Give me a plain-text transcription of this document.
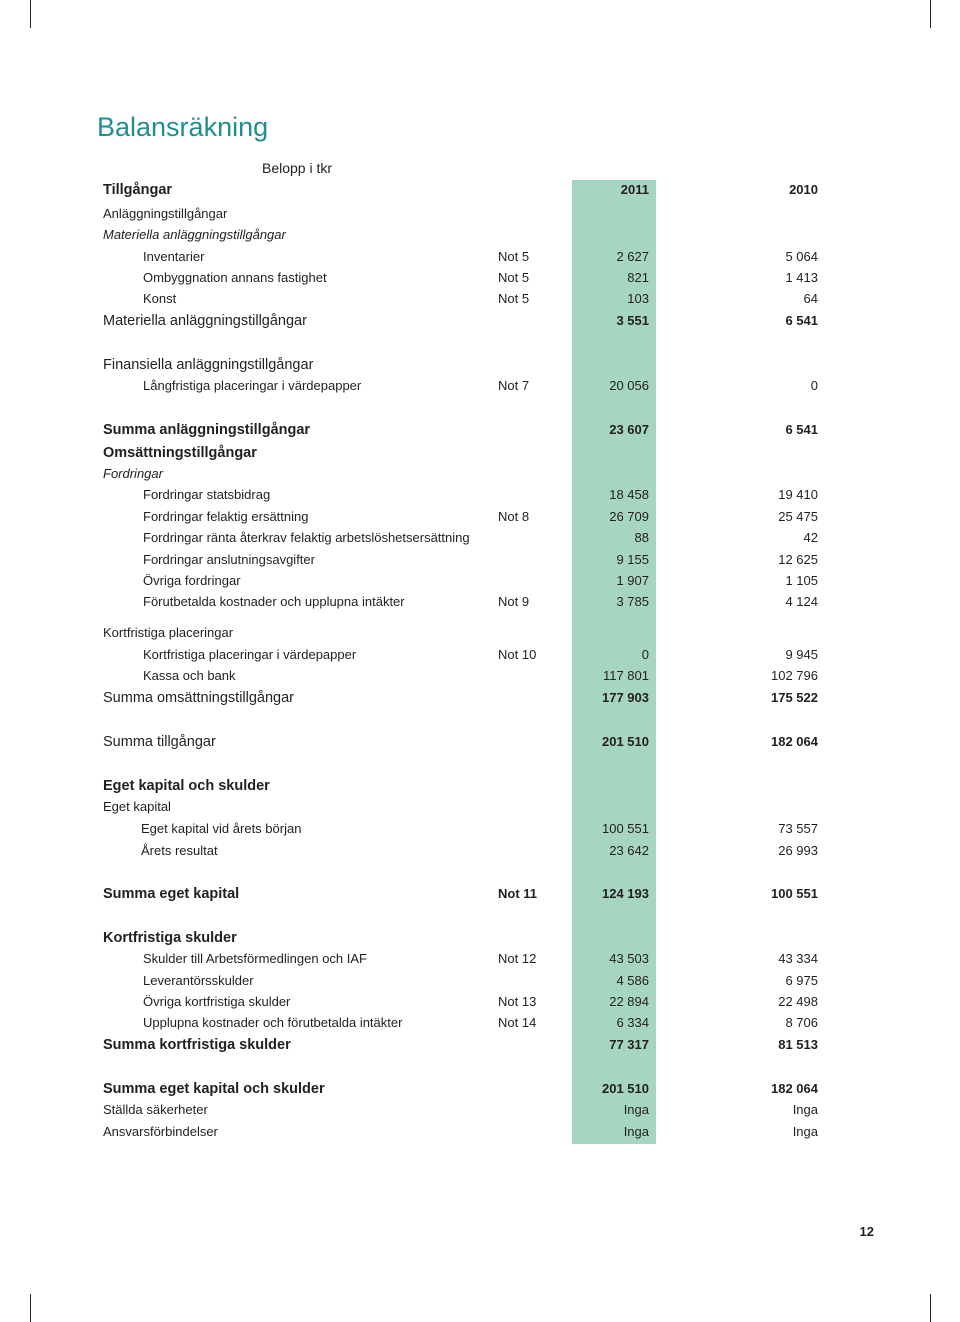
Balansräkning
Belopp i tkr
Tillgångar	2011	2010
Anläggningstillgångar
Materiella anläggningstillgångar
Inventarier	Not 5	2 627	5 064
Ombyggnation annans fastighet	Not 5	821	1 413
Konst	Not 5	103	64
Materiella anläggningstillgångar	3 551	6 541
Finansiella anläggningstillgångar
Långfristiga placeringar i värdepapper	Not 7	20 056	0
Summa anläggningstillgångar	23 607	6 541
Omsättningstillgångar
Fordringar
Fordringar statsbidrag	18 458	19 410
Fordringar felaktig ersättning	Not 8	26 709	25 475
Fordringar ränta återkrav felaktig arbetslöshetsersättning	88	42
Fordringar anslutningsavgifter	9 155	12 625
Övriga fordringar	1 907	1 105
Förutbetalda kostnader och upplupna intäkter	Not 9	3 785	4 124
Kortfristiga placeringar
Kortfristiga placeringar i värdepapper	Not 10	0	9 945
Kassa och bank	117 801	102 796
Summa omsättningstillgångar	177 903	175 522
Summa tillgångar	201 510	182 064
Eget kapital och skulder
Eget kapital
Eget kapital vid årets början	100 551	73 557
Årets resultat	23 642	26 993
Summa eget kapital	Not 11	124 193	100 551
Kortfristiga skulder
Skulder till Arbetsförmedlingen och IAF	Not 12	43 503	43 334
Leverantörsskulder	4 586	6 975
Övriga kortfristiga skulder	Not 13	22 894	22 498
Upplupna kostnader och förutbetalda intäkter	Not 14	6 334	8 706
Summa kortfristiga skulder	77 317	81 513
Summa eget kapital och skulder	201 510	182 064
Ställda säkerheter	Inga	Inga
Ansvarsförbindelser	Inga	Inga
12
